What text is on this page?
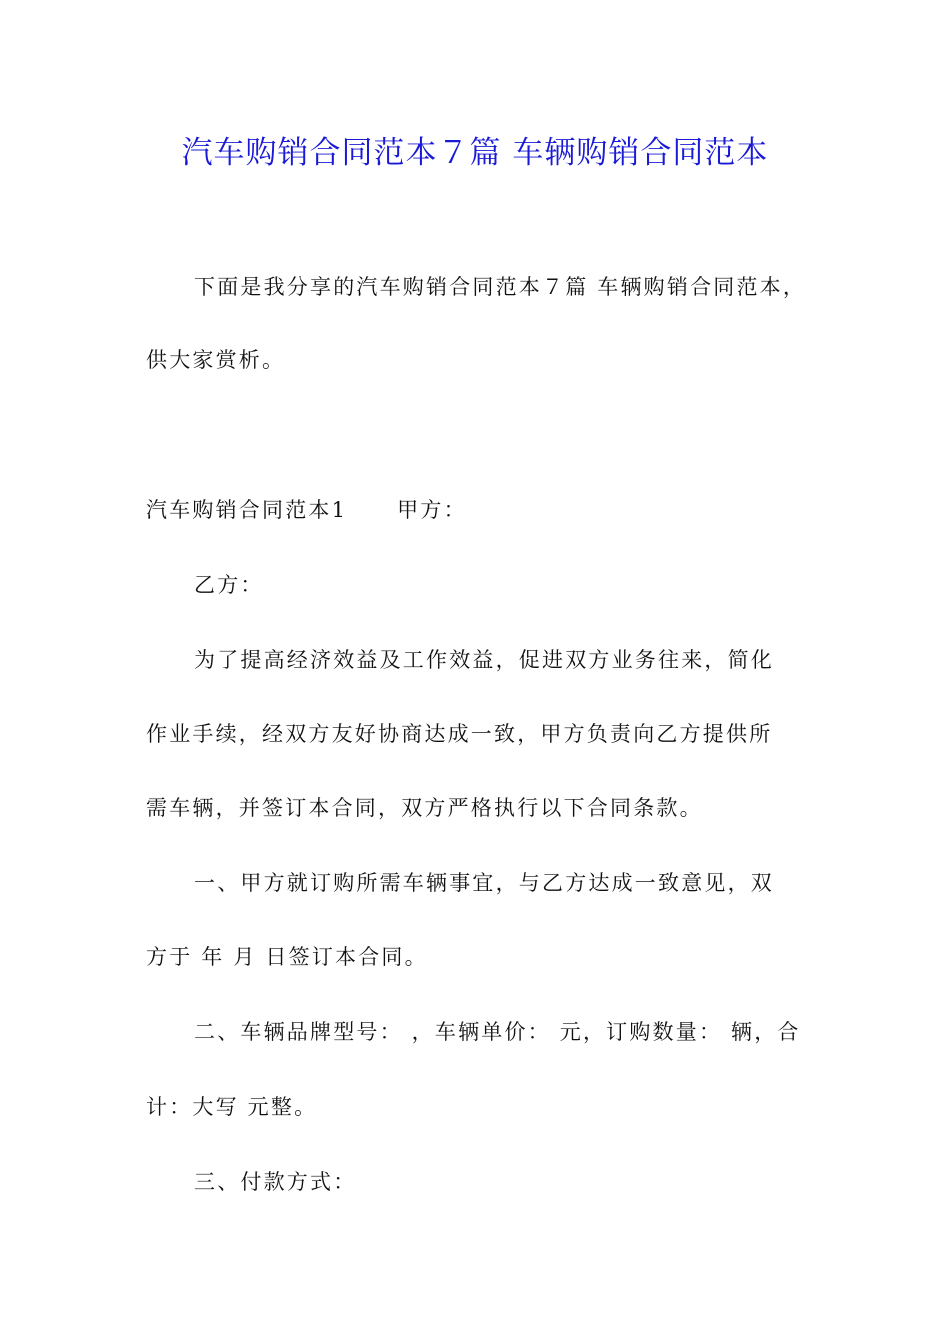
汽车购销合同范本７篇 车辆购销合同范本
下面是我分享的汽车购销合同范本７篇 车辆购销合同范本，
供大家赏析。
汽车购销合同范本1 甲方：
乙方：
为了提高经济效益及工作效益，促进双方业务往来，简化
作业手续，经双方友好协商达成一致，甲方负责向乙方提供所
需车辆，并签订本合同，双方严格执行以下合同条款。
一、甲方就订购所需车辆事宜，与乙方达成一致意见，双
方于 年 月 日签订本合同。
二、车辆品牌型号： ，车辆单价： 元，订购数量： 辆，合
计：大写 元整。
三、付款方式：
